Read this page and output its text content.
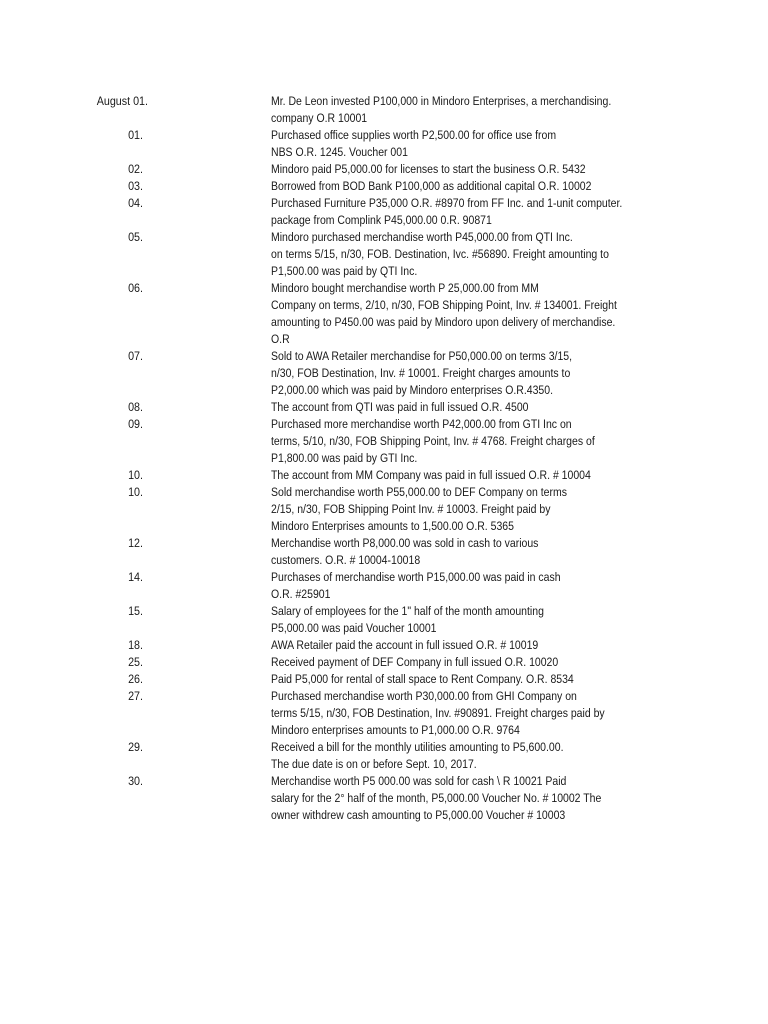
August 01.	Mr. De Leon invested P100,000 in Mindoro Enterprises, a merchandising.
company O.R 10001
01.	Purchased office supplies worth P2,500.00 for office use from
NBS O.R. 1245. Voucher 001
02.	Mindoro paid P5,000.00 for licenses to start the business O.R. 5432
03.	Borrowed from BOD Bank P100,000 as additional capital O.R. 10002
04.	Purchased Furniture P35,000 O.R. #8970 from FF Inc. and 1-unit computer.
package from Complink P45,000.00 0.R. 90871
05.	Mindoro purchased merchandise worth P45,000.00 from QTI Inc.
on terms 5/15, n/30, FOB. Destination, Ivc. #56890. Freight amounting to
P1,500.00 was paid by QTI Inc.
06.	Mindoro bought merchandise worth P 25,000.00 from MM
Company on terms, 2/10, n/30, FOB Shipping Point, Inv. # 134001. Freight
amounting to P450.00 was paid by Mindoro upon delivery of merchandise.
O.R
07.	Sold to AWA Retailer merchandise for P50,000.00 on terms 3/15,
n/30, FOB Destination, Inv. # 10001. Freight charges amounts to
P2,000.00 which was paid by Mindoro enterprises O.R.4350.
08.	The account from QTI was paid in full issued O.R. 4500
09.	Purchased more merchandise worth P42,000.00 from GTI Inc on
terms, 5/10, n/30, FOB Shipping Point, Inv. # 4768. Freight charges of
P1,800.00 was paid by GTI Inc.
10.	The account from MM Company was paid in full issued O.R. # 10004
10.	Sold merchandise worth P55,000.00 to DEF Company on terms
2/15, n/30, FOB Shipping Point Inv. # 10003. Freight paid by
Mindoro Enterprises amounts to 1,500.00 O.R. 5365
12.	Merchandise worth P8,000.00 was sold in cash to various
customers. O.R. # 10004-10018
14.	Purchases of merchandise worth P15,000.00 was paid in cash
O.R. #25901
15.	Salary of employees for the 1" half of the month amounting
P5,000.00 was paid Voucher 10001
18.	AWA Retailer paid the account in full issued O.R. # 10019
25.	Received payment of DEF Company in full issued O.R. 10020
26.	Paid P5,000 for rental of stall space to Rent Company. O.R. 8534
27.	Purchased merchandise worth P30,000.00 from GHI Company on
terms 5/15, n/30, FOB Destination, Inv. #90891. Freight charges paid by
Mindoro enterprises amounts to P1,000.00 O.R. 9764
29.	Received a bill for the monthly utilities amounting to P5,600.00.
The due date is on or before Sept. 10, 2017.
30.	Merchandise worth P5 000.00 was sold for cash \ R 10021 Paid
salary for the 2° half of the month, P5,000.00 Voucher No. # 10002 The
owner withdrew cash amounting to P5,000.00 Voucher # 10003
